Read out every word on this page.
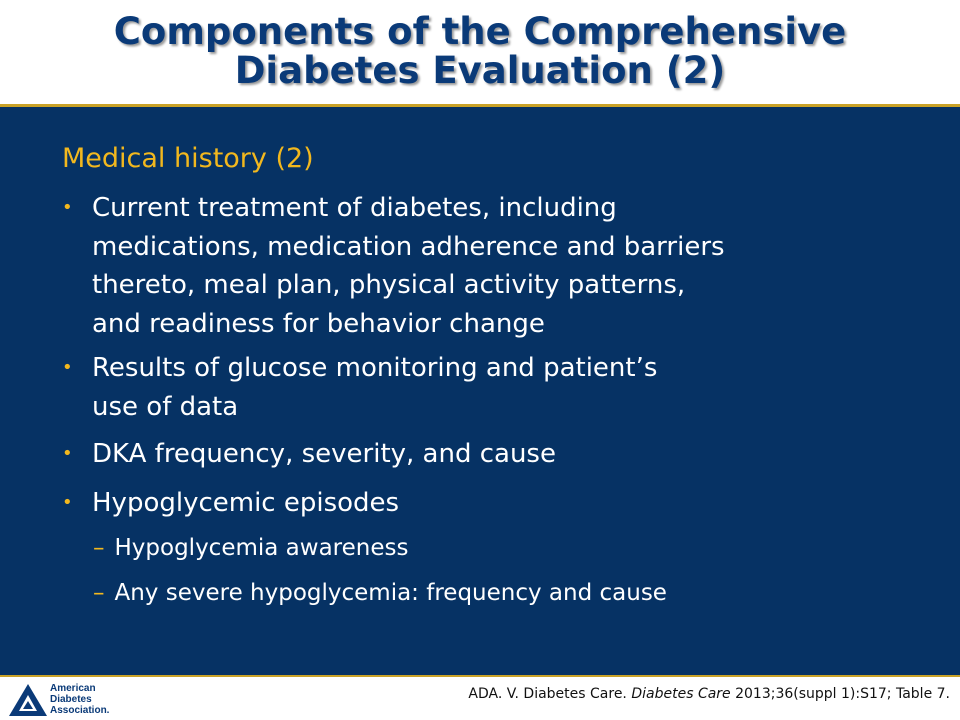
Components of the Comprehensive
Diabetes Evaluation (2)
Medical history (2)
• Current treatment of diabetes, including
medications, medication adherence and barriers
thereto, meal plan, physical activity patterns,
and readiness for behavior change
• Results of glucose monitoring and patient’s
use of data
• DKA frequency, severity, and cause
• Hypoglycemic episodes
– Hypoglycemia awareness
– Any severe hypoglycemia: frequency and cause
American
Diabetes
Association.
ADA. V. Diabetes Care. Diabetes Care 2013;36(suppl 1):S17; Table 7.
